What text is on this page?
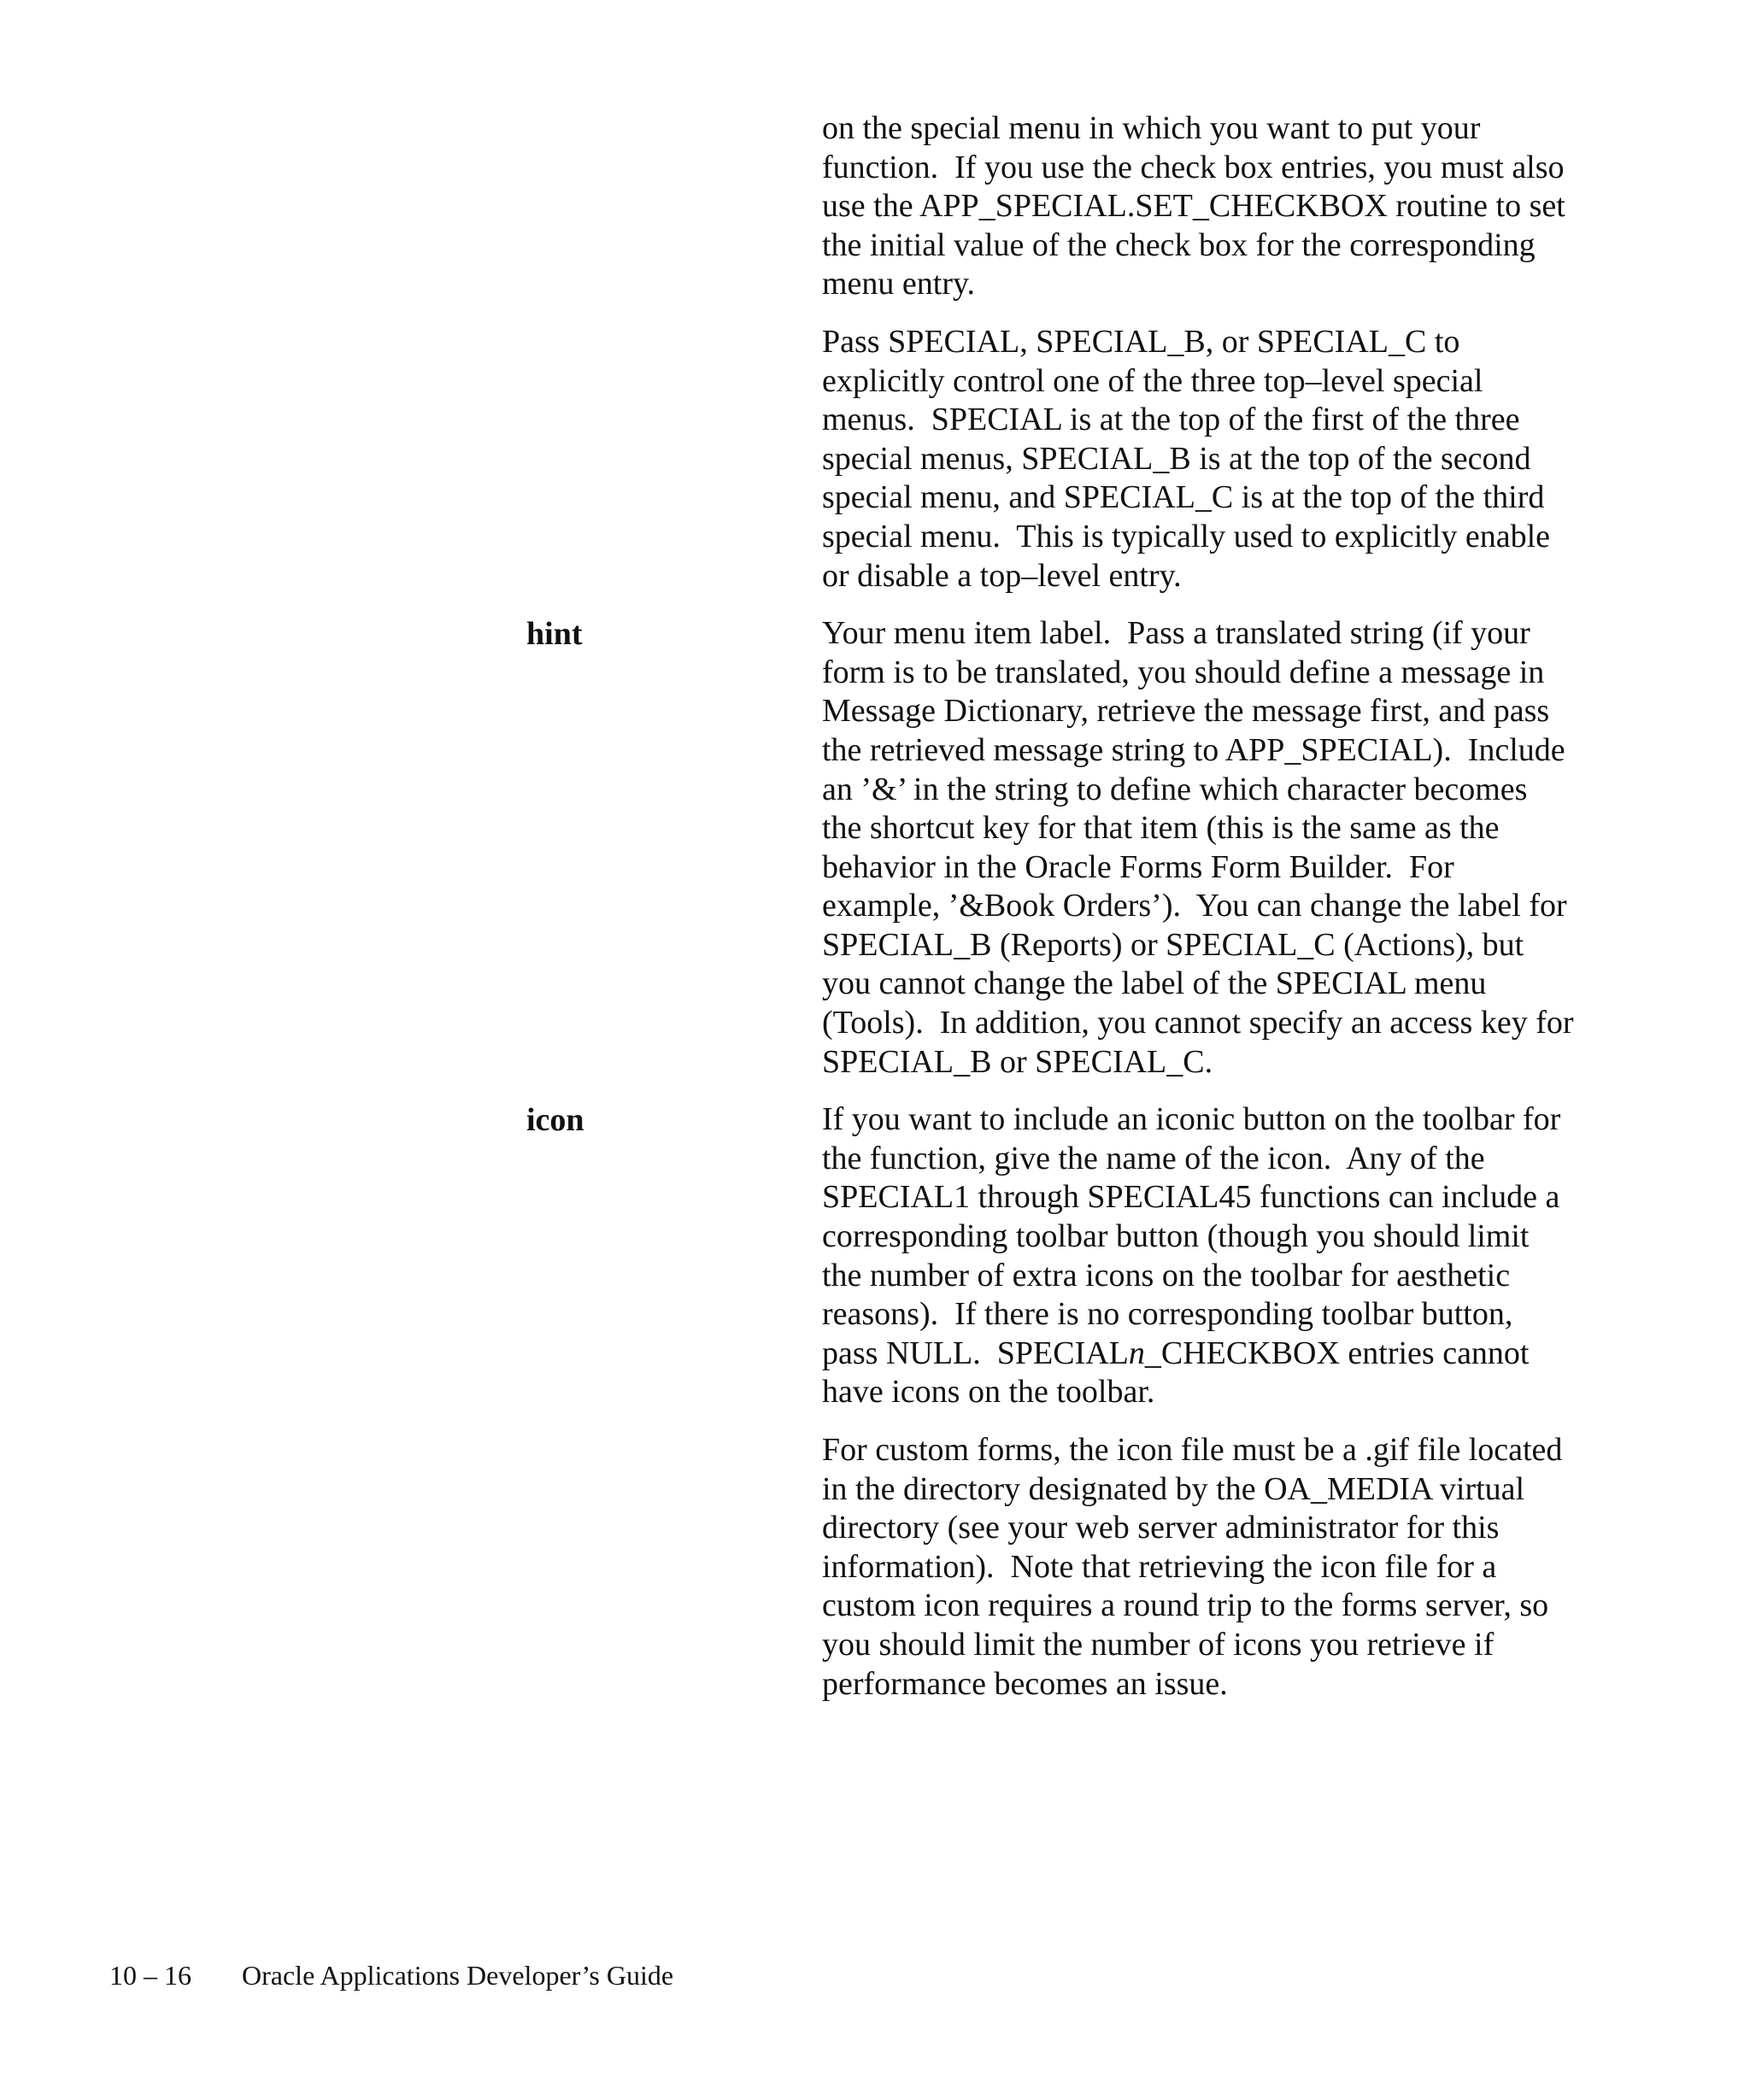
on the special menu in which you want to put your function.  If you use the check box entries, you must also use the APP_SPECIAL.SET_CHECKBOX routine to set the initial value of the check box for the corresponding menu entry.

Pass SPECIAL, SPECIAL_B, or SPECIAL_C to explicitly control one of the three top–level special menus.  SPECIAL is at the top of the first of the three special menus, SPECIAL_B is at the top of the second special menu, and SPECIAL_C is at the top of the third special menu.  This is typically used to explicitly enable or disable a top–level entry.

hint	Your menu item label.  Pass a translated string (if your form is to be translated, you should define a message in Message Dictionary, retrieve the message first, and pass the retrieved message string to APP_SPECIAL).  Include an ’&’ in the string to define which character becomes the shortcut key for that item (this is the same as the behavior in the Oracle Forms Form Builder.  For example, ’&Book Orders’).  You can change the label for SPECIAL_B (Reports) or SPECIAL_C (Actions), but you cannot change the label of the SPECIAL menu (Tools).  In addition, you cannot specify an access key for SPECIAL_B or SPECIAL_C.

icon	If you want to include an iconic button on the toolbar for the function, give the name of the icon.  Any of the SPECIAL1 through SPECIAL45 functions can include a corresponding toolbar button (though you should limit the number of extra icons on the toolbar for aesthetic reasons).  If there is no corresponding toolbar button, pass NULL.  SPECIALn_CHECKBOX entries cannot have icons on the toolbar.

For custom forms, the icon file must be a .gif file located in the directory designated by the OA_MEDIA virtual directory (see your web server administrator for this information).  Note that retrieving the icon file for a custom icon requires a round trip to the forms server, so you should limit the number of icons you retrieve if performance becomes an issue.

10 – 16 Oracle Applications Developer’s Guide
